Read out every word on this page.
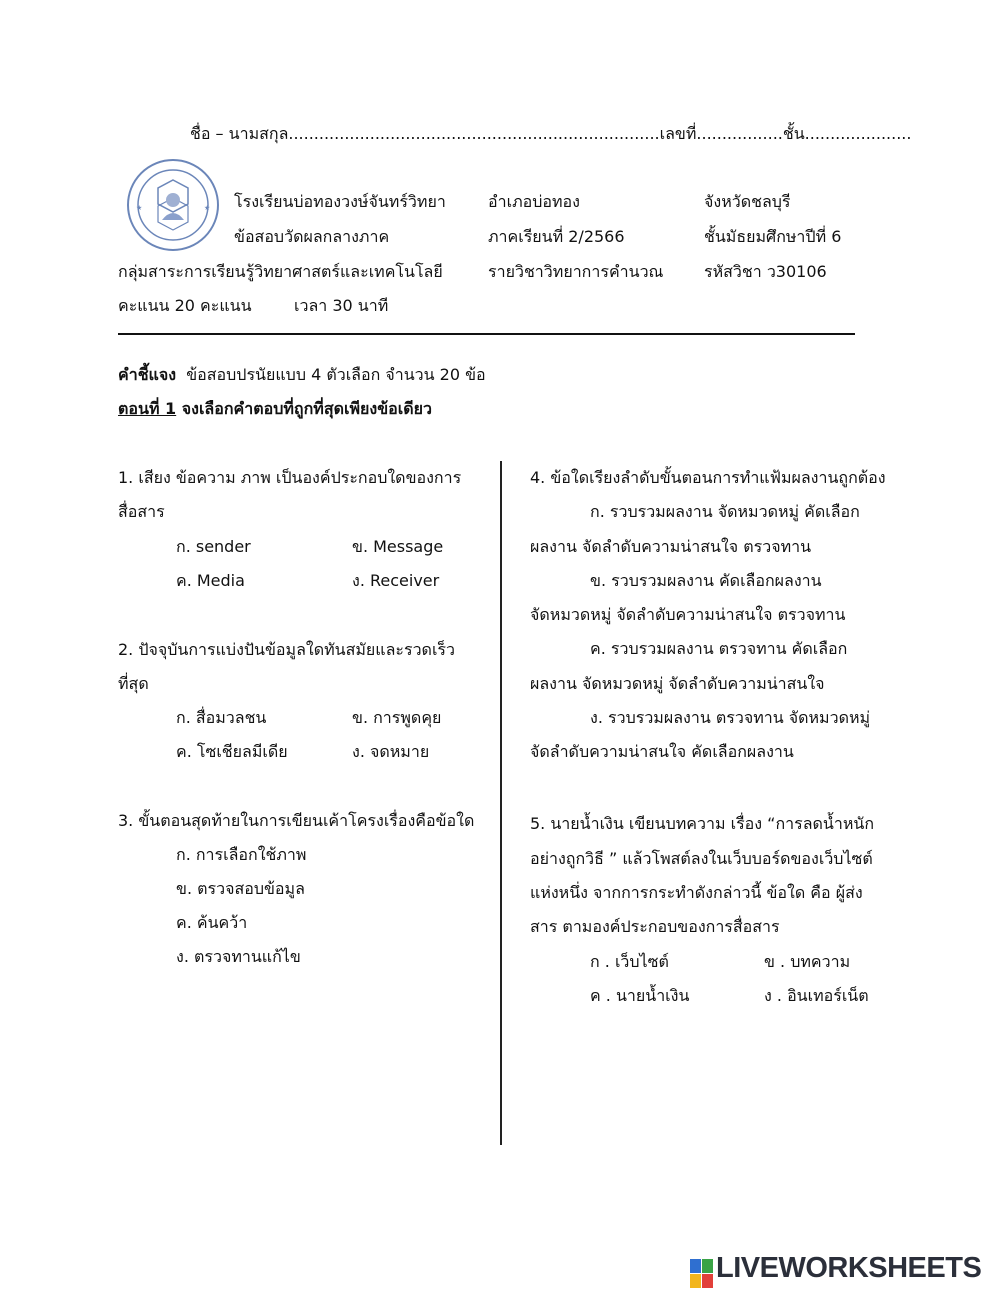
ชื่อ – นามสกุล.........................................................................เลขที่.................ชั้น.....................
★	★ โรงเรียนบ่อทองวงษ์จันทร์วิทยา	อำเภอบ่อทอง	จังหวัดชลบุรี
ข้อสอบวัดผลกลางภาค	ภาคเรียนที่ 2/2566	ชั้นมัธยมศึกษาปีที่ 6
กลุ่มสาระการเรียนรู้วิทยาศาสตร์และเทคโนโลยี	รายวิชาวิทยาการคำนวณ	รหัสวิชา ว30106
คะแนน 20 คะแนน	เวลา 30 นาที
คำชี้แจง ข้อสอบปรนัยแบบ 4 ตัวเลือก จำนวน 20 ข้อ
ตอนที่ 1 จงเลือกคำตอบที่ถูกที่สุดเพียงข้อเดียว
1. เสียง ข้อความ ภาพ เป็นองค์ประกอบใดของการ
สื่อสาร
ก. sender	ข. Message
ค. Media	ง. Receiver
2. ปัจจุบันการแบ่งปันข้อมูลใดทันสมัยและรวดเร็ว
ที่สุด
ก. สื่อมวลชน	ข. การพูดคุย
ค. โซเชียลมีเดีย	ง. จดหมาย
3. ขั้นตอนสุดท้ายในการเขียนเค้าโครงเรื่องคือข้อใด
ก. การเลือกใช้ภาพ
ข. ตรวจสอบข้อมูล
ค. ค้นคว้า
ง. ตรวจทานแก้ไข
4. ข้อใดเรียงลำดับขั้นตอนการทำแฟ้มผลงานถูกต้อง
ก. รวบรวมผลงาน จัดหมวดหมู่ คัดเลือก
ผลงาน จัดลำดับความน่าสนใจ ตรวจทาน
ข. รวบรวมผลงาน คัดเลือกผลงาน
จัดหมวดหมู่ จัดลำดับความน่าสนใจ ตรวจทาน
ค. รวบรวมผลงาน ตรวจทาน คัดเลือก
ผลงาน จัดหมวดหมู่ จัดลำดับความน่าสนใจ
ง. รวบรวมผลงาน ตรวจทาน จัดหมวดหมู่
จัดลำดับความน่าสนใจ คัดเลือกผลงาน
5. นายน้ำเงิน เขียนบทความ เรื่อง “การลดน้ำหนัก
อย่างถูกวิธี ” แล้วโพสต์ลงในเว็บบอร์ดของเว็บไซต์
แห่งหนึ่ง จากการกระทำดังกล่าวนี้ ข้อใด คือ ผู้ส่ง
สาร ตามองค์ประกอบของการสื่อสาร
ก . เว็บไซต์	ข . บทความ
ค . นายน้ำเงิน	ง . อินเทอร์เน็ต
LIVEWORKSHEETS
